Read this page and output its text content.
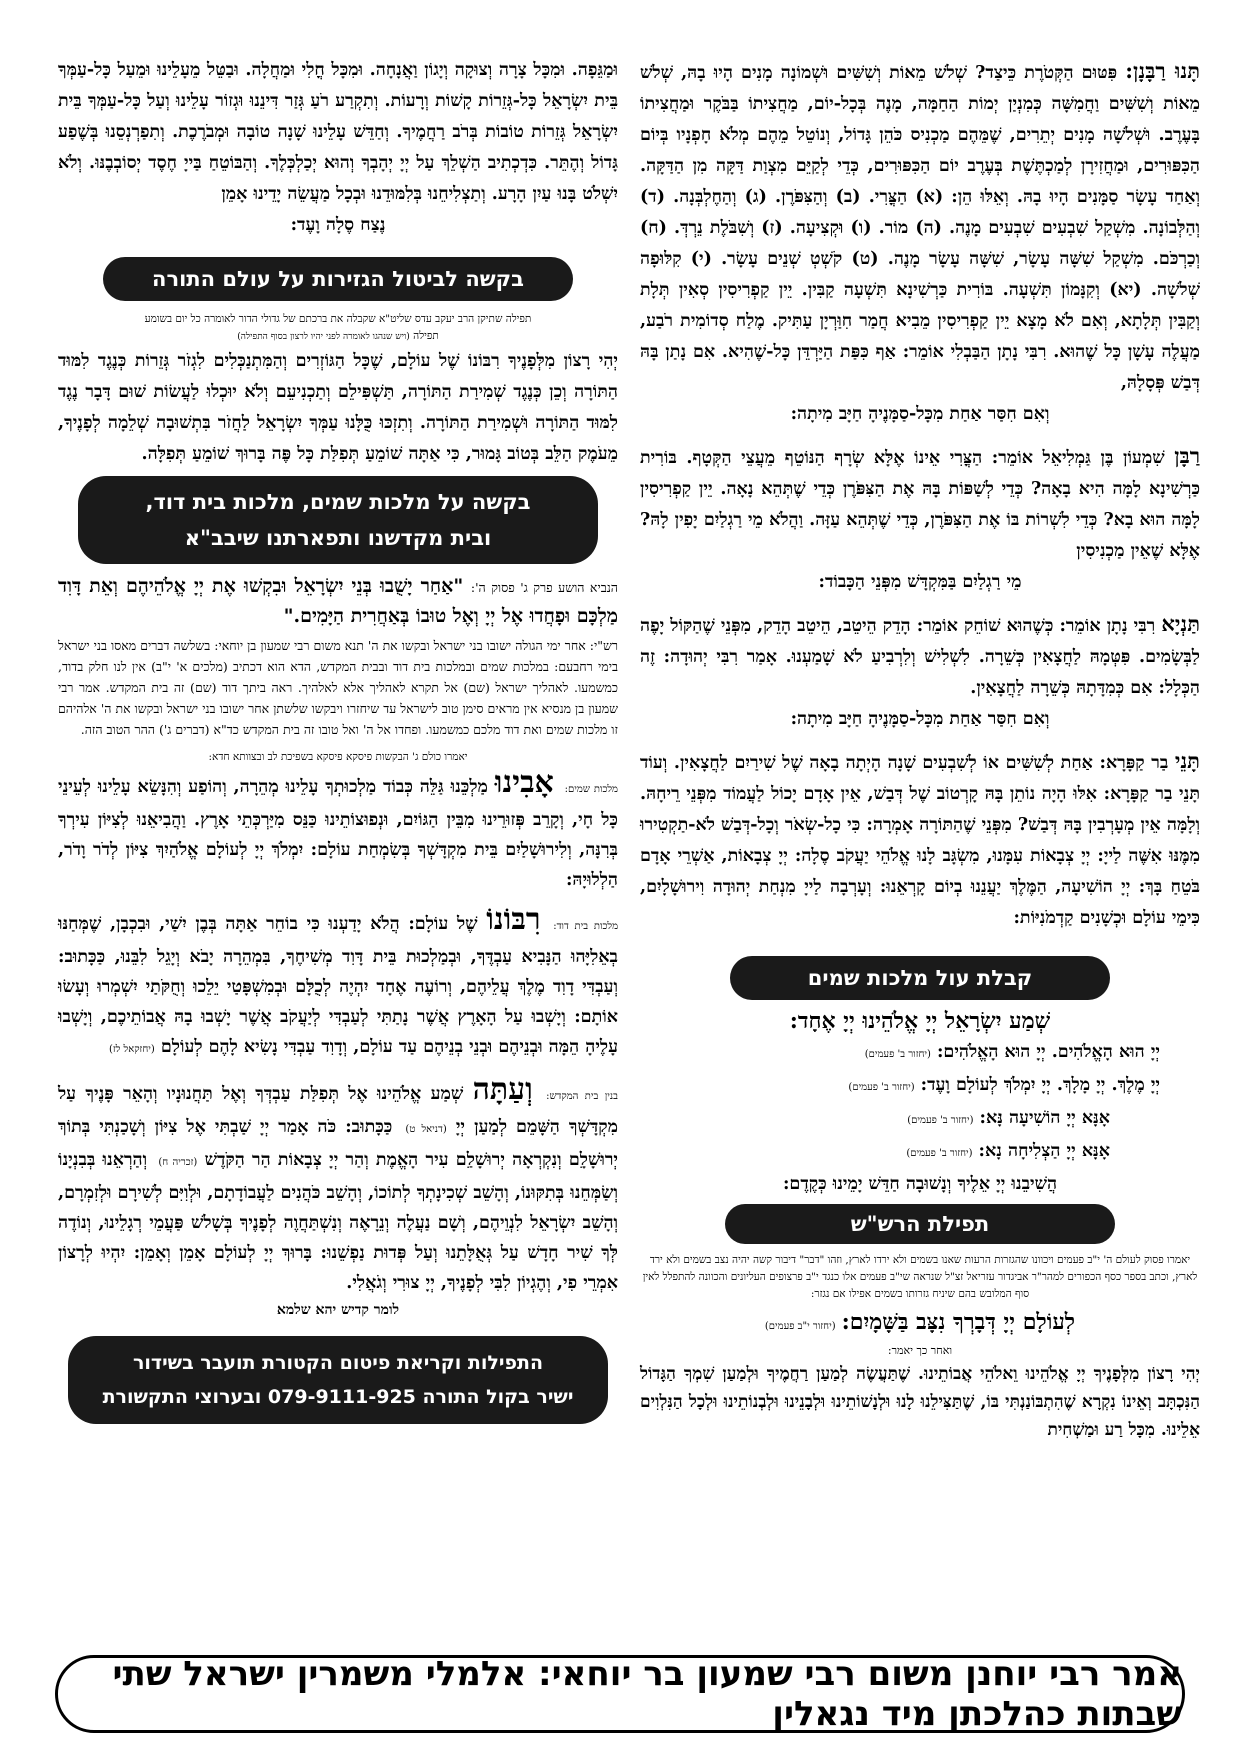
תָּנוּ רַבָּנָן: פִּטּוּם הַקְּטֹרֶת כֵּיצַד? שְׁלֹשׁ מֵאוֹת וְשִׁשִּׁים וּשְׁמוֹנָה מָנִים הָיוּ בָהּ, שְׁלֹשׁ מֵאוֹת וְשִׁשִּׁים וַחֲמִשָּׁה כְּמִנְיַן יְמוֹת הַחַמָּה, מָנֶה בְּכָל-יוֹם, מַחֲצִיתוֹ בַּבֹּקֶר וּמַחֲצִיתוֹ בָּעֶרֶב. וּשְׁלֹשָׁה מָנִים יְתֵרִים, שֶׁמֵּהֶם מַכְנִיס כֹּהֵן גָּדוֹל, וְנוֹטֵל מֵהֶם מְלֹא חָפְנָיו בְּיוֹם הַכִּפּוּרִים, וּמַחֲזִירָן לְמַכְתֶּשֶׁת בְּעֶרֶב יוֹם הַכִּפּוּרִים, כְּדֵי לְקַיֵּם מִצְוַת דַּקָּה מִן הַדַּקָּה. וְאַחַד עָשָׂר סַמָּנִים הָיוּ בָהּ. וְאֵלּוּ הֵן: (א) הַצֳּרִי. (ב) וְהַצִּפֹּרֶן. (ג) וְהַחֶלְבְּנָה. (ד) וְהַלְּבוֹנָה. מִשְׁקַל שִׁבְעִים שִׁבְעִים מָנֶה. (ה) מוֹר. (ו) וּקְצִיעָה. (ז) וְשִׁבֹּלֶת נֵרְדְּ. (ח) וְכַרְכֹּם. מִשְׁקַל שִׁשָּׁה עָשָׂר, שִׁשָּׁה עָשָׂר מָנֶה. (ט) קֹשְׁטְ שְׁנֵים עָשָׂר. (י) קִלּוּפָה שְׁלֹשָׁה. (יא) וְקִנָּמוֹן תִּשְׁעָה. בּוֹרִית כַּרְשִׁינָא תִּשְׁעָה קַבִּין. יֵין קַפְרִיסִין סְאִין תְּלָת וְקַבִּין תְּלָתָא, וְאִם לֹא מָצָא יֵין קַפְרִיסִין מֵבִיא חֲמַר חִוַּרְיָן עַתִּיק. מֶלַח סְדוֹמִית רֹבַע, מַעֲלֶה עָשָׁן כָּל שֶׁהוּא. רִבִּי נָתָן הַבַּבְלִי אוֹמֵר: אַף כִּפַּת הַיַּרְדֵּן כָּל-שֶׁהִיא. אִם נָתַן בָּהּ דְּבַשׁ פְּסָלָהּ,

וְאִם חִסַּר אַחַת מִכָּל-סַמָּנֶיהָ חַיָּב מִיתָה:

רַבָּן שִׁמְעוֹן בֶּן גַּמְלִיאֵל אוֹמֵר: הַצֳּרִי אֵינוֹ אֶלָּא שְׂרָף הַנּוֹטֵף מֵעֲצֵי הַקְּטָף. בּוֹרִית כַּרְשִׁינָא לָמָּה הִיא בָאָה? כְּדֵי לְשַׁפּוֹת בָּהּ אֶת הַצִּפֹּרֶן כְּדֵי שֶׁתְּהֵא נָאָה. יֵין קַפְרִיסִין לָמָּה הוּא בָא? כְּדֵי לִשְׁרוֹת בּוֹ אֶת הַצִּפֹּרֶן, כְּדֵי שֶׁתְּהֵא עַזָּה. וַהֲלֹא מֵי רַגְלַיִם יָפִין לָהּ? אֶלָּא שֶׁאֵין מַכְנִיסִין

מֵי רַגְלַיִם בַּמִּקְדָּשׁ מִפְּנֵי הַכָּבוֹד:

תַּנְיָא רִבִּי נָתָן אוֹמֵר: כְּשֶׁהוּא שׁוֹחֵק אוֹמֵר: הָדֵק הֵיטֵב, הֵיטֵב הָדֵק, מִפְּנֵי שֶׁהַקּוֹל יָפֶה לַבְּשָׂמִים. פִּטְּמָהּ לַחֲצָאִין כְּשֵׁרָה. לִשְׁלִישׁ וְלִרְבִיעַ לֹא שָׁמַעְנוּ. אָמַר רִבִּי יְהוּדָה: זֶה הַכְּלָל: אִם כְּמִדָּתָהּ כְּשֵׁרָה לַחֲצָאִין.

וְאִם חִסַּר אַחַת מִכָּל-סַמָּנֶיהָ חַיָּב מִיתָה:

תָּנֵי בַר קַפָּרָא: אַחַת לְשִׁשִּׁים אוֹ לְשִׁבְעִים שָׁנָה הָיְתָה בָאָה שֶׁל שִׁירַיִם לַחֲצָאִין. וְעוֹד תָּנֵי בַר קַפָּרָא: אִלּוּ הָיָה נוֹתֵן בָּהּ קָרְטוֹב שֶׁל דְּבַשׁ, אֵין אָדָם יָכוֹל לַעֲמוֹד מִפְּנֵי רֵיחָהּ. וְלָמָּה אֵין מְעָרְבִין בָּהּ דְּבַשׁ? מִפְּנֵי שֶׁהַתּוֹרָה אָמְרָה: כִּי כָל-שְׂאֹר וְכָל-דְּבַשׁ לֹא-תַקְטִירוּ מִמֶּנּוּ אִשֶּׁה לַייָ: יְיָ צְבָאוֹת עִמָּנוּ, מִשְׂגָּב לָנוּ אֱלֹהֵי יַעֲקֹב סֶלָה: יְיָ צְבָאוֹת, אַשְׁרֵי אָדָם בֹּטֵחַ בָּךְ: יְיָ הוֹשִׁיעָה, הַמֶּלֶךְ יַעֲנֵנוּ בְיוֹם קָרְאֵנוּ: וְעָרְבָה לַייָ מִנְחַת יְהוּדָה וִירוּשָׁלָיִם, כִּימֵי עוֹלָם וּכְשָׁנִים קַדְמֹנִיּוֹת:

קבלת עול מלכות שמים

שְׁמַע יִשְׂרָאֵל יְיָ אֱלֹהֵינוּ יְיָ אֶחָד:

יְיָ הוּא הָאֱלֹהִים. יְיָ הוּא הָאֱלֹהִים:(יחזור ב' פעמים)

יְיָ מֶלֶךְ. יְיָ מָלָךְ. יְיָ יִמְלֹךְ לְעוֹלָם וָעֶד:(יחזור ב' פעמים)

אָנָּא יְיָ הוֹשִׁיעָה נָּא:(יחזור ב' פעמים)

אָנָּא יְיָ הַצְלִיחָה נָא:(יחזור ב' פעמים)

הֲשִׁיבֵנוּ יְיָ אֵלֶיךָ וְנָשׁוּבָה חַדֵּשׁ יָמֵינוּ כְּקֶדֶם:

תפילת הרש"ש

יאמרו פסוק לעולם ה' י"ב פעמים ויכוונו שהגזרות הרעות שאנו בשמים ולא ירדו לארץ, וזהו "דבר" דיבור קשה יהיה נצב בשמים ולא ירד לארץ, וכתב בספר כסף הכפורים למהר"ר אביגדור עזריאל זצ"ל שנראה שי"ב פעמים אלו כנגד י"ב פרצופים העליונים והכוונה להתפלל לאין סוף המלובש בהם שיניח גזרותו בשמים אפילו אם נגזר:

לְעוֹלָם יְיָ דְּבָרְךָ נִצָּב בַּשָּׁמָיִם:(יחזור י"ב פעמים)

ואחר כך יאמר:

יְהִי רָצוֹן מִלְּפָנֶיךָ יְיָ אֱלֹהֵינוּ וֵאלֹהֵי אֲבוֹתֵינוּ. שֶׁתַּעֲשֶׂה לְמַעַן רַחֲמֶיךָ וּלְמַעַן שִׁמְךָ הַגָּדוֹל הַנִּכְתָּב וְאֵינוֹ נִקְרָא שֶׁהִתְבּוֹנַנְתִּי בּוֹ, שֶׁתַּצִּילֵנוּ לָנוּ וּלְנָשׁוֹתֵינוּ וּלְבָנֵינוּ וּלְבְנוֹתֵינוּ וּלְכָל הַנִּלְוִים אֵלֵינוּ. מִכָּל רַע וּמַשְׁחִית

וּמַגֵּפָה. וּמִכָּל צָרָה וְצוּקָה וְיָגוֹן וַאֲנָחָה. וּמִכָּל חֳלִי וּמַחֲלָה. וּבַטֵּל מֵעָלֵינוּ וּמֵעַל כָּל-עַמְּךָ בֵּית יִשְׂרָאֵל כָּל-גְּזֵרוֹת קָשׁוֹת וְרָעוֹת. וְתִקְרַע רֹעַ גְּזַר דִּינֵנוּ וּגְזוֹר עָלֵינוּ וְעַל כָּל-עַמְּךָ בֵּית יִשְׂרָאֵל גְּזֵרוֹת טוֹבוֹת בְּרֹב רַחֲמֶיךָ. וְחַדֵּשׁ עָלֵינוּ שָׁנָה טוֹבָה וּמְבֹרֶכֶת. וְתִפַרְנְסֵנוּ בְּשֶׁפַע גָּדוֹל וְהֶתֵּר. כִּדְכְתִיב הַשְׁלֵךְ עַל יְיָ יְהָבְךָ וְהוּא יְכַלְכְּלֶךָ. וְהַבּוֹטֵחַ בַּייָ חֶסֶד יְסוֹבְבֶנּוּ. וְלֹא יִשְׁלֹט בָּנוּ עַיִן הָרָע. וְתַצְלִיחֵנוּ בְּלִמּוּדֵנוּ וּבְכָל מַעֲשֵׂה יָדֵינוּ אָמֵן

נֶצַח סֶלָה וָעֶד:

בקשה לביטול הגזירות על עולם התורה

תפילה שתיקן הרב יעקב עדס שליט"א שקבלה את ברכתם של גדולי הדור לאומרה כל יום בשומע

תפילה (ויש שנהגו לאומרה לפני יהיו לרצון בסוף התפילה)

יְהִי רָצוֹן מִלְּפָנֶיךָ רִבּוֹנוֹ שֶׁל עוֹלָם, שֶׁכָּל הַגּוֹזְרִים וְהַמִּתְנַכְּלִים לִגְזֹר גְּזֵרוֹת כְּנֶגֶד לִמּוּד הַתּוֹרָה וְכֵן כְּנֶגֶד שְׁמִירַת הַתּוֹרָה, תַּשְׁפִּילֵם וְתַכְנִיעֵם וְלֹא יוּכְלוּ לַעֲשׂוֹת שׁוּם דָּבָר נֶגֶד לִמּוּד הַתּוֹרָה וּשְׁמִירַת הַתּוֹרָה. וְתִזְכּוּ כֻּלָּנוּ עַמְּךָ יִשְׂרָאֵל לַחֲזֹר בִּתְשׁוּבָה שְׁלֵמָה לְפָנֶיךָ, מֵעֹמֶק הַלֵּב בְּטוֹב גָּמוּר, כִּי אַתָּה שׁוֹמֵעַ תְּפִלַּת כָּל פֶּה בָּרוּךְ שׁוֹמֵעַ תְּפִלָּה.

בקשה על מלכות שמים, מלכות בית דוד,
ובית מקדשנו ותפארתנו שיבב"א

הנביא הושע פרק ג' פסוק ה': "אַחַר יָשֻׁבוּ בְּנֵי יִשְׂרָאֵל וּבִקְשׁוּ אֶת יְיָ אֱלֹהֵיהֶם וְאֵת דָּוִד מַלְכָּם וּפָחֲדוּ אֶל יְיָ וְאֶל טוּבוֹ בְּאַחֲרִית הַיָּמִים."

רש"י: אחר ימי הגולה ישובו בני ישראל ובקשו את ה' תנא משום רבי שמעון בן יוחאי: בשלשה דברים מאסו בני ישראל בימי רחבעם: במלכות שמים ובמלכות בית דוד ובבית המקדש, הדא הוא דכתיב (מלכים א' י"ב) אין לנו חלק בדוד, כמשמעו. לאהליך ישראל (שם) אל תקרא לאהליך אלא לאלהיך. ראה ביתך דוד (שם) זה בית המקדש. אמר רבי שמעון בן מנסיא אין מראים סימן טוב לישראל עד שיחזרו ויבקשו שלשתן אחר ישובו בני ישראל ובקשו את ה' אלהיהם זו מלכות שמים ואת דוד מלכם כמשמעו. ופחדו אל ה' ואל טובו זה בית המקדש כד"א (דברים ג') ההר הטוב הזה.

יאמרו כולם ג' הבקשות פיסקא פיסקא בשפיכת לב ובצוותא חדא:

מלכות שמים: אָבִינוּ מַלְכֵּנוּ גַּלֵּה כְּבוֹד מַלְכוּתְךָ עָלֵינוּ מְהֵרָה, וְהוֹפַע וְהִנָּשֵׂא עָלֵינוּ לְעֵינֵי כָּל חָי, וְקָרֵב פְּזוּרֵינוּ מִבֵּין הַגּוֹיִם, וּנְפוּצוֹתֵינוּ כַּנֵּס מִיַּרְכְּתֵי אָרֶץ. וַהֲבִיאֵנוּ לְצִיּוֹן עִירְךָ בְּרִנָּה, וְלִירוּשָׁלַיִם בֵּית מִקְדָּשְׁךָ בְּשִׂמְחַת עוֹלָם: יִמְלֹךְ יְיָ לְעוֹלָם אֱלֹהַיִךְ צִיּוֹן לְדֹר וָדֹר, הַלְלוּיָהּ:

מלכות בית דוד: רִבּוֹנוֹ שֶׁל עוֹלָם: הֲלֹא יָדַעְנוּ כִּי בוֹחֵר אַתָּה בְּבֶן יִשַׁי, וּבִכְבָן, שֶׁמְּחַנּוּ בְאֵלִיָּהוּ הַנָּבִיא עַבְדֶּךָ, וּבְמַלְכוּת בֵּית דָּוִד מְשִׁיחֶךָ, בִּמְהֵרָה יָבֹא וְיָגֵל לִבֵּנוּ, כַּכָּתוּב: וְעַבְדִּי דָוִד מֶלֶךְ עֲלֵיהֶם, וְרוֹעֶה אֶחָד יִהְיֶה לְכֻלָּם וּבְמִשְׁפָּטַי יֵלֵכוּ וְחֻקֹּתַי יִשְׁמְרוּ וְעָשׂוּ אוֹתָם: וְיָשְׁבוּ עַל הָאָרֶץ אֲשֶׁר נָתַתִּי לְעַבְדִּי לְיַעֲקֹב אֲשֶׁר יָשְׁבוּ בָהּ אֲבוֹתֵיכֶם, וְיָשְׁבוּ עָלֶיהָ הֵמָּה וּבְנֵיהֶם וּבְנֵי בְנֵיהֶם עַד עוֹלָם, וְדָוִד עַבְדִּי נָשִׂיא לָהֶם לְעוֹלָם (יחזקאל לז)

בנין בית המקדש: וְעַתָּה שְׁמַע אֱלֹהֵינוּ אֶל תְּפִלַּת עַבְדְּךָ וְאֶל תַּחֲנוּנָיו וְהָאֵר פָּנֶיךָ עַל מִקְדָּשְׁךָ הַשָּׁמֵם לְמַעַן יְיָ (דניאל ט) כַּכָּתוּב: כֹּה אָמַר יְיָ שַׁבְתִּי אֶל צִיּוֹן וְשָׁכַנְתִּי בְּתוֹךְ יְרוּשָׁלִָם וְנִקְרְאָה יְרוּשָׁלִַם עִיר הָאֱמֶת וְהַר יְיָ צְבָאוֹת הַר הַקֹּדֶשׁ (זכריה ח) וְהַרְאֵנוּ בְּבִנְיָנוֹ וְשַׂמְּחֵנוּ בְּתִקּוּנוֹ, וְהָשֵׁב שְׁכִינָתְךָ לְתוֹכוֹ, וְהָשֵׁב כֹּהֲנִים לַעֲבוֹדָתָם, וּלְוִיִּם לְשִׁירָם וּלְזִמְרָם, וְהָשֵׁב יִשְׂרָאֵל לִנְוֵיהֶם, וְשָׁם נַעֲלֶה וְנֵרָאֶה וְנִשְׁתַּחֲוֶה לְפָנֶיךָ בְּשָׁלֹשׁ פַּעֲמֵי רְגָלֵינוּ, וְנוֹדֶה לְּךָ שִׁיר חָדָשׁ עַל גְּאֻלָּתֵנוּ וְעַל פְּדוּת נַפְשֵׁנוּ: בָּרוּךְ יְיָ לְעוֹלָם אָמֵן וְאָמֵן: יִהְיוּ לְרָצוֹן אִמְרֵי פִי, וְהֶגְיוֹן לִבִּי לְפָנֶיךָ, יְיָ צוּרִי וְגֹאֲלִי.

לומר קדיש יהא שלמא

התפילות וקריאת פיטום הקטורת תועבר בשידור
ישיר בקול התורה 079-9111-925 ובערוצי התקשורת
אמר רבי יוחנן משום רבי שמעון בר יוחאי: אלמלי משמרין ישראל שתי שבתות כהלכתן מיד נגאלין
